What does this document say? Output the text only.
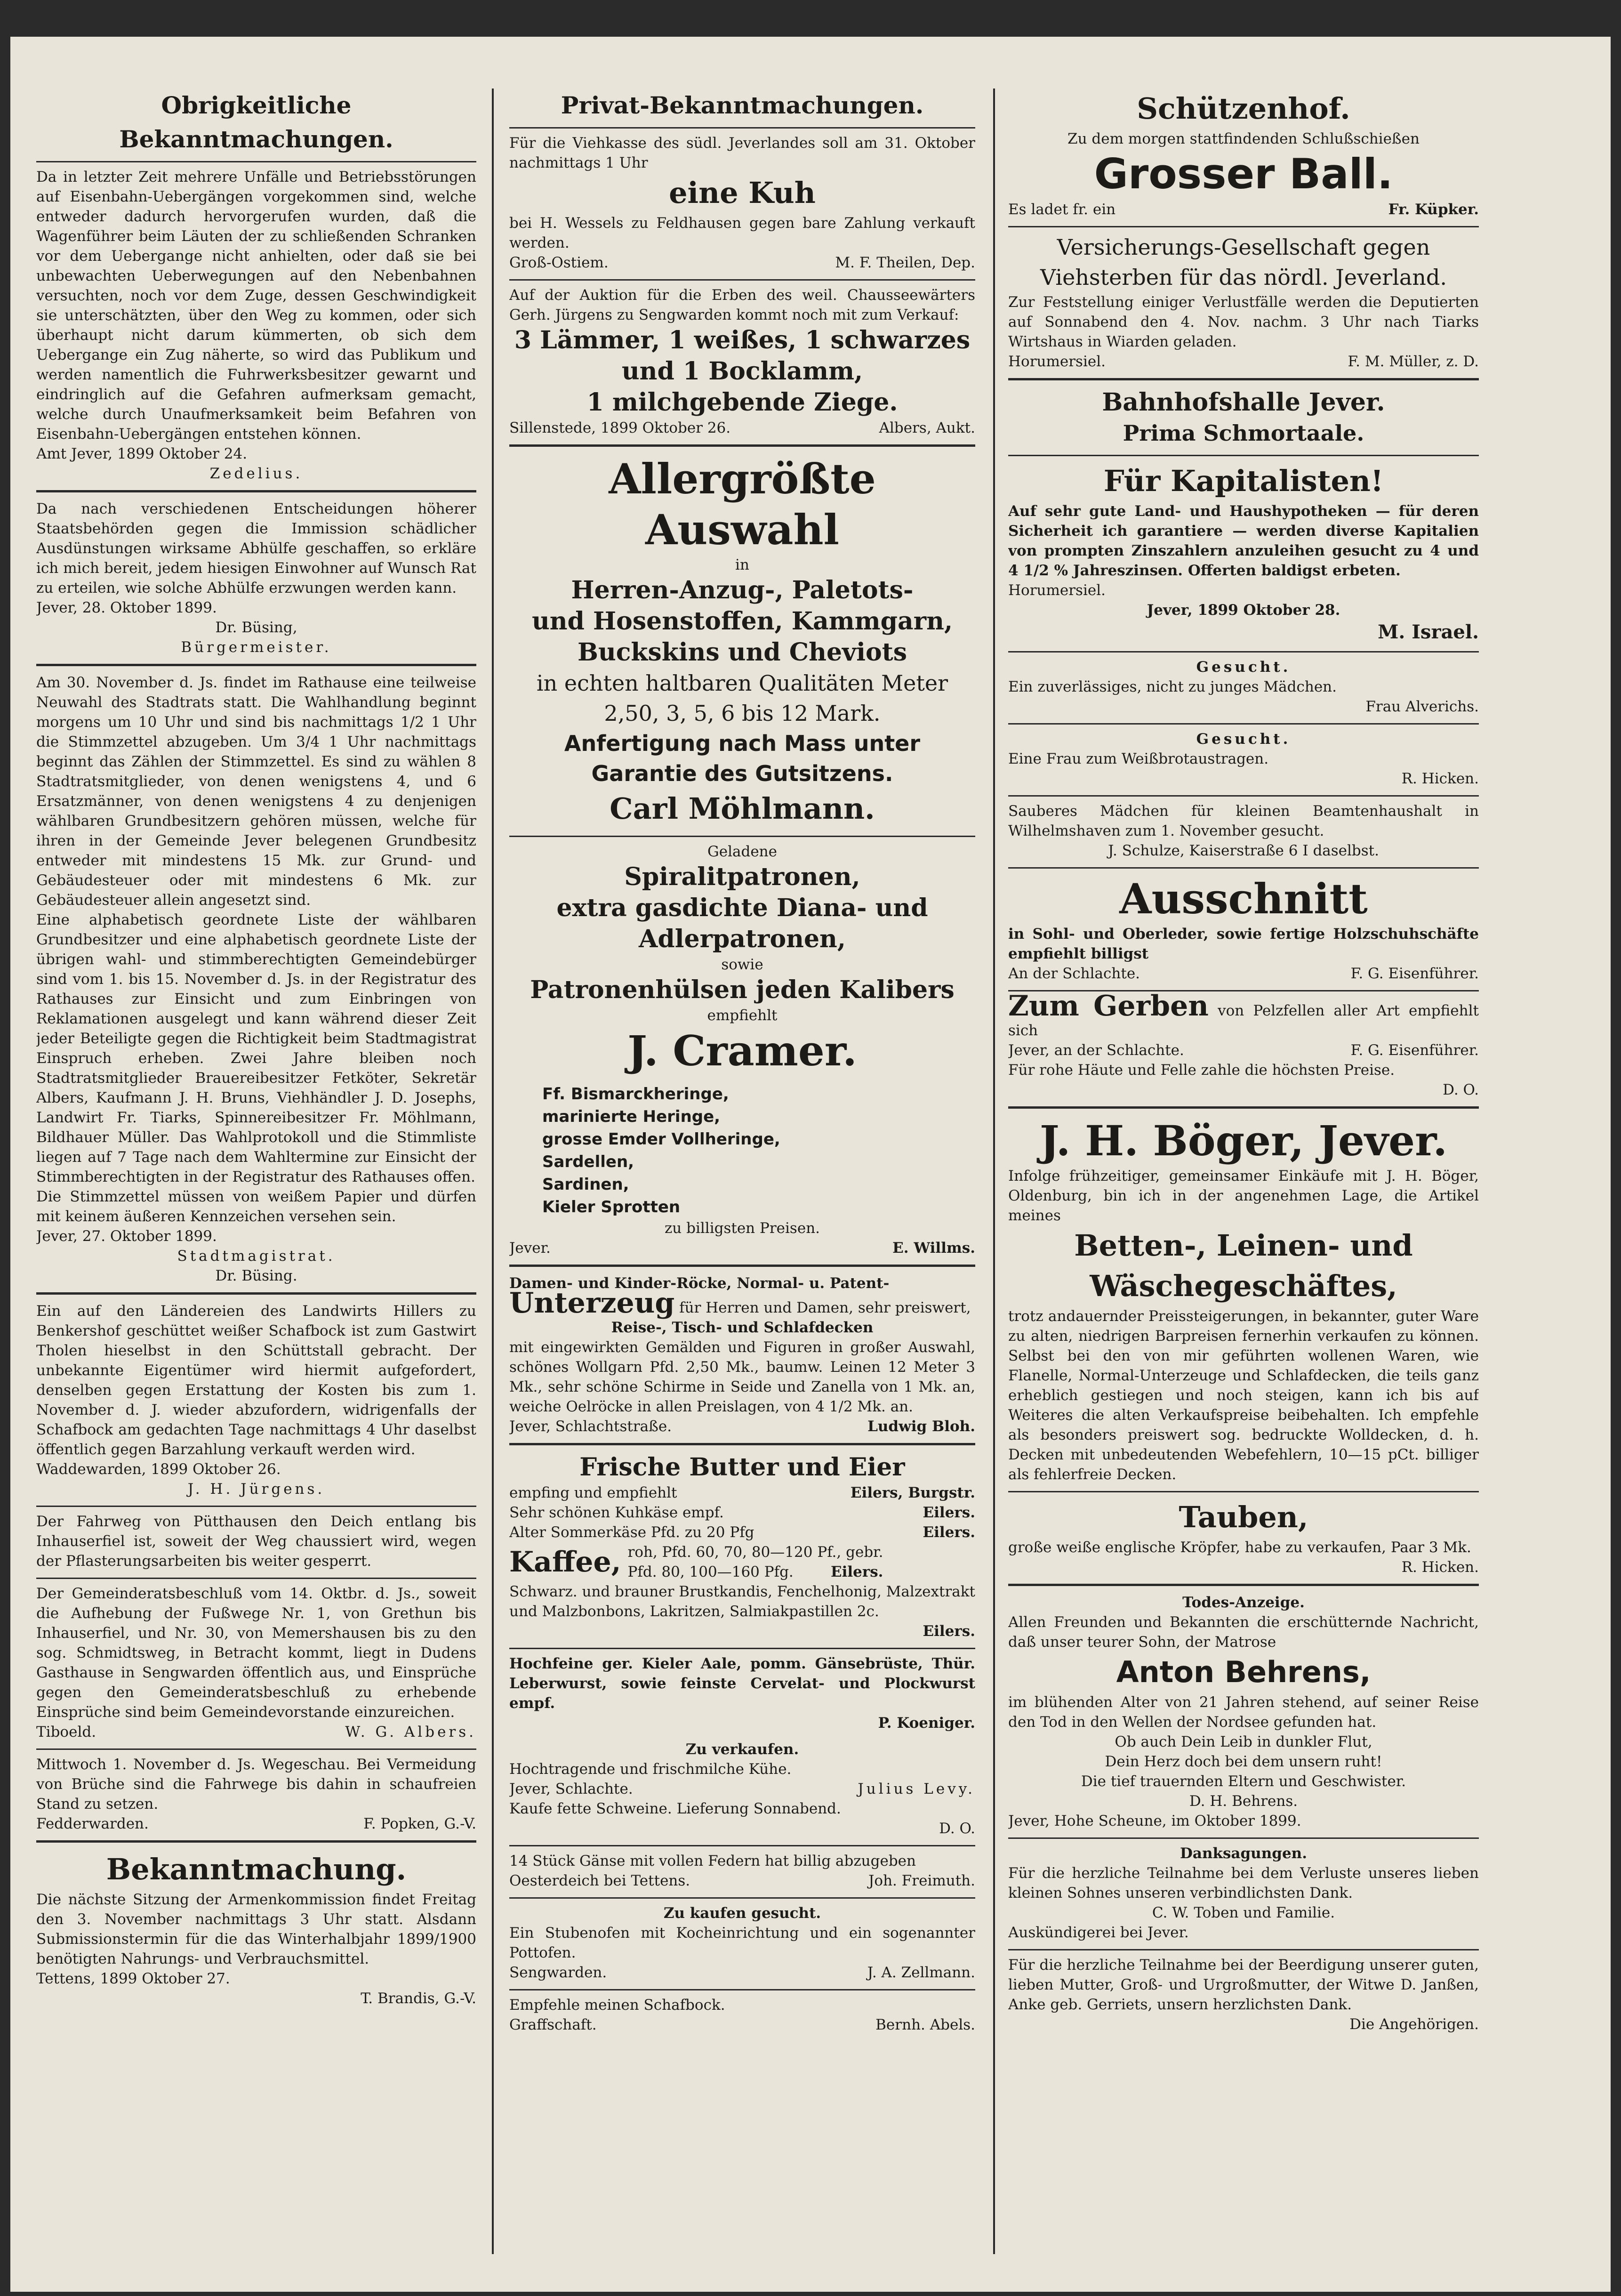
Obrigkeitliche Bekanntmachungen.

Da in letzter Zeit mehrere Unfälle und Betriebsstörungen auf Eisenbahn-Uebergängen vorgekommen sind, welche entweder dadurch hervorgerufen wurden, daß die Wagenführer beim Läuten der zu schließenden Schranken vor dem Uebergange nicht anhielten, oder daß sie bei unbewachten Ueberwegungen auf den Nebenbahnen versuchten, noch vor dem Zuge, dessen Geschwindigkeit sie unterschätzten, über den Weg zu kommen, oder sich überhaupt nicht darum kümmerten, ob sich dem Uebergange ein Zug näherte, so wird das Publikum und werden namentlich die Fuhrwerksbesitzer gewarnt und eindringlich auf die Gefahren aufmerksam gemacht, welche durch Unaufmerksamkeit beim Befahren von Eisenbahn-Uebergängen entstehen können.

Amt Jever, 1899 Oktober 24.

Zedelius.

Da nach verschiedenen Entscheidungen höherer Staatsbehörden gegen die Immission schädlicher Ausdünstungen wirksame Abhülfe geschaffen, so erkläre ich mich bereit, jedem hiesigen Einwohner auf Wunsch Rat zu erteilen, wie solche Abhülfe erzwungen werden kann.

Jever, 28. Oktober 1899.

Dr. Büsing,

Bürgermeister.

Am 30. November d. Js. findet im Rathause eine teilweise Neuwahl des Stadtrats statt. Die Wahlhandlung beginnt morgens um 10 Uhr und sind bis nachmittags 1/2 1 Uhr die Stimmzettel abzugeben. Um 3/4 1 Uhr nachmittags beginnt das Zählen der Stimmzettel. Es sind zu wählen 8 Stadtratsmitglieder, von denen wenigstens 4, und 6 Ersatzmänner, von denen wenigstens 4 zu denjenigen wählbaren Grundbesitzern gehören müssen, welche für ihren in der Gemeinde Jever belegenen Grundbesitz entweder mit mindestens 15 Mk. zur Grund- und Gebäudesteuer oder mit mindestens 6 Mk. zur Gebäudesteuer allein angesetzt sind.

Eine alphabetisch geordnete Liste der wählbaren Grundbesitzer und eine alphabetisch geordnete Liste der übrigen wahl- und stimmberechtigten Gemeindebürger sind vom 1. bis 15. November d. Js. in der Registratur des Rathauses zur Einsicht und zum Einbringen von Reklamationen ausgelegt und kann während dieser Zeit jeder Beteiligte gegen die Richtigkeit beim Stadtmagistrat Einspruch erheben. Zwei Jahre bleiben noch Stadtratsmitglieder Brauereibesitzer Fetköter, Sekretär Albers, Kaufmann J. H. Bruns, Viehhändler J. D. Josephs, Landwirt Fr. Tiarks, Spinnereibesitzer Fr. Möhlmann, Bildhauer Müller. Das Wahlprotokoll und die Stimmliste liegen auf 7 Tage nach dem Wahltermine zur Einsicht der Stimmberechtigten in der Registratur des Rathauses offen.

Die Stimmzettel müssen von weißem Papier und dürfen mit keinem äußeren Kennzeichen versehen sein.

Jever, 27. Oktober 1899.

Stadtmagistrat.

Dr. Büsing.

Ein auf den Ländereien des Landwirts Hillers zu Benkershof geschüttet weißer Schafbock ist zum Gastwirt Tholen hieselbst in den Schüttstall gebracht. Der unbekannte Eigentümer wird hiermit aufgefordert, denselben gegen Erstattung der Kosten bis zum 1. November d. J. wieder abzufordern, widrigenfalls der Schafbock am gedachten Tage nachmittags 4 Uhr daselbst öffentlich gegen Barzahlung verkauft werden wird.

Waddewarden, 1899 Oktober 26.

J. H. Jürgens.

Der Fahrweg von Pütthausen den Deich entlang bis Inhauserfiel ist, soweit der Weg chaussiert wird, wegen der Pflasterungsarbeiten bis weiter gesperrt.

Der Gemeinderatsbeschluß vom 14. Oktbr. d. Js., soweit die Aufhebung der Fußwege Nr. 1, von Grethun bis Inhauserfiel, und Nr. 30, von Memershausen bis zu den sog. Schmidtsweg, in Betracht kommt, liegt in Dudens Gasthause in Sengwarden öffentlich aus, und Einsprüche gegen den Gemeinderatsbeschluß zu erhebende Einsprüche sind beim Gemeindevorstande einzureichen.

Tiboeld.	W. G. Albers.

Mittwoch 1. November d. Js. Wegeschau. Bei Vermeidung von Brüche sind die Fahrwege bis dahin in schaufreien Stand zu setzen.

Fedderwarden.	F. Popken, G.-V.
Bekanntmachung.

Die nächste Sitzung der Armenkommission findet Freitag den 3. November nachmittags 3 Uhr statt. Alsdann Submissionstermin für die das Winterhalbjahr 1899/1900 benötigten Nahrungs- und Verbrauchsmittel.

Tettens, 1899 Oktober 27.

T. Brandis, G.-V.

Privat-Bekanntmachungen.

Für die Viehkasse des südl. Jeverlandes soll am 31. Oktober nachmittags 1 Uhr

eine Kuh

bei H. Wessels zu Feldhausen gegen bare Zahlung verkauft werden.

Groß-Ostiem.	M. F. Theilen, Dep.

Auf der Auktion für die Erben des weil. Chausseewärters Gerh. Jürgens zu Sengwarden kommt noch mit zum Verkauf:

3 Lämmer, 1 weißes, 1 schwarzes
und 1 Bocklamm,
1 milchgebende Ziege.
Sillenstede, 1899 Oktober 26.	Albers, Aukt.
Allergrößte Auswahl

in

Herren-Anzug-, Paletots-
und Hosenstoffen, Kammgarn,
Buckskins und Cheviots
in echten haltbaren Qualitäten Meter
2,50, 3, 5, 6 bis 12 Mark.
Anfertigung nach Mass unter
Garantie des Gutsitzens.
Carl Möhlmann.

Geladene

Spiralitpatronen,
extra gasdichte Diana- und
Adlerpatronen,

sowie

Patronenhülsen jeden Kalibers

empfiehlt

J. Cramer.
Ff. Bismarckheringe,
marinierte Heringe,
grosse Emder Vollheringe,
Sardellen,
Sardinen,
Kieler Sprotten

zu billigsten Preisen.

Jever.	E. Willms.

Damen- und Kinder-Röcke, Normal- u. Patent-

Unterzeug für Herren und Damen, sehr preiswert,

Reise-, Tisch- und Schlafdecken

mit eingewirkten Gemälden und Figuren in großer Auswahl, schönes Wollgarn Pfd. 2,50 Mk., baumw. Leinen 12 Meter 3 Mk., sehr schöne Schirme in Seide und Zanella von 1 Mk. an, weiche Oelröcke in allen Preislagen, von 4 1/2 Mk. an.

Jever, Schlachtstraße.	Ludwig Bloh.
Frische Butter und Eier
empfing und empfiehlt	Eilers, Burgstr.
Sehr schönen Kuhkäse empf.	Eilers.
Alter Sommerkäse Pfd. zu 20 Pfg	Eilers.
Kaffee, roh, Pfd. 60, 70, 80—120 Pf., gebr.

Pfd. 80, 100—160 Pfg.	Eilers.

Schwarz. und brauner Brustkandis, Fenchelhonig, Malzextrakt und Malzbonbons, Lakritzen, Salmiakpastillen 2c.

Eilers.

Hochfeine ger. Kieler Aale, pomm. Gänsebrüste, Thür. Leberwurst, sowie feinste Cervelat- und Plockwurst empf.

P. Koeniger.

Zu verkaufen.

Hochtragende und frischmilche Kühe.

Jever, Schlachte.	Julius Levy.

Kaufe fette Schweine. Lieferung Sonnabend.

D. O.

14 Stück Gänse mit vollen Federn hat billig abzugeben

Oesterdeich bei Tettens.	Joh. Freimuth.

Zu kaufen gesucht.

Ein Stubenofen mit Kocheinrichtung und ein sogenannter Pottofen.

Sengwarden.	J. A. Zellmann.

Empfehle meinen Schafbock.

Graffschaft.	Bernh. Abels.
Schützenhof.

Zu dem morgen stattfindenden Schlußschießen

Grosser Ball.
Es ladet fr. ein	Fr. Küpker.
Versicherungs-Gesellschaft gegen Viehsterben für das nördl. Jeverland.

Zur Feststellung einiger Verlustfälle werden die Deputierten auf Sonnabend den 4. Nov. nachm. 3 Uhr nach Tiarks Wirtshaus in Wiarden geladen.

Horumersiel.	F. M. Müller, z. D.
Bahnhofshalle Jever.
Prima Schmortaale.
Für Kapitalisten!

Auf sehr gute Land- und Haushypotheken — für deren Sicherheit ich garantiere — werden diverse Kapitalien von prompten Zinszahlern anzuleihen gesucht zu 4 und 4 1/2 % Jahreszinsen. Offerten baldigst erbeten.

Horumersiel.

Jever, 1899 Oktober 28.

M. Israel.

Gesucht.

Ein zuverlässiges, nicht zu junges Mädchen.

Frau Alverichs.

Gesucht.

Eine Frau zum Weißbrotaustragen.

R. Hicken.

Sauberes Mädchen für kleinen Beamtenhaushalt in Wilhelmshaven zum 1. November gesucht.

J. Schulze, Kaiserstraße 6 I daselbst.

Ausschnitt

in Sohl- und Oberleder, sowie fertige Holzschuhschäfte empfiehlt billigst

An der Schlachte.	F. G. Eisenführer.

Zum Gerben von Pelzfellen aller Art empfiehlt sich

Jever, an der Schlachte.	F. G. Eisenführer.

Für rohe Häute und Felle zahle die höchsten Preise.

D. O.

J. H. Böger, Jever.

Infolge frühzeitiger, gemeinsamer Einkäufe mit J. H. Böger, Oldenburg, bin ich in der angenehmen Lage, die Artikel meines

Betten-, Leinen- und Wäschegeschäftes,

trotz andauernder Preissteigerungen, in bekannter, guter Ware zu alten, niedrigen Barpreisen fernerhin verkaufen zu können. Selbst bei den von mir geführten wollenen Waren, wie Flanelle, Normal-Unterzeuge und Schlafdecken, die teils ganz erheblich gestiegen und noch steigen, kann ich bis auf Weiteres die alten Verkaufspreise beibehalten. Ich empfehle als besonders preiswert sog. bedruckte Wolldecken, d. h. Decken mit unbedeutenden Webefehlern, 10—15 pCt. billiger als fehlerfreie Decken.

Tauben,

große weiße englische Kröpfer, habe zu verkaufen, Paar 3 Mk.

R. Hicken.

Todes-Anzeige.

Allen Freunden und Bekannten die erschütternde Nachricht, daß unser teurer Sohn, der Matrose

Anton Behrens,

im blühenden Alter von 21 Jahren stehend, auf seiner Reise den Tod in den Wellen der Nordsee gefunden hat.

Ob auch Dein Leib in dunkler Flut,

Dein Herz doch bei dem unsern ruht!

Die tief trauernden Eltern und Geschwister.

D. H. Behrens.

Jever, Hohe Scheune, im Oktober 1899.

Danksagungen.

Für die herzliche Teilnahme bei dem Verluste unseres lieben kleinen Sohnes unseren verbindlichsten Dank.

C. W. Toben und Familie.

Auskündigerei bei Jever.

Für die herzliche Teilnahme bei der Beerdigung unserer guten, lieben Mutter, Groß- und Urgroßmutter, der Witwe D. Janßen, Anke geb. Gerriets, unsern herzlichsten Dank.

Die Angehörigen.
